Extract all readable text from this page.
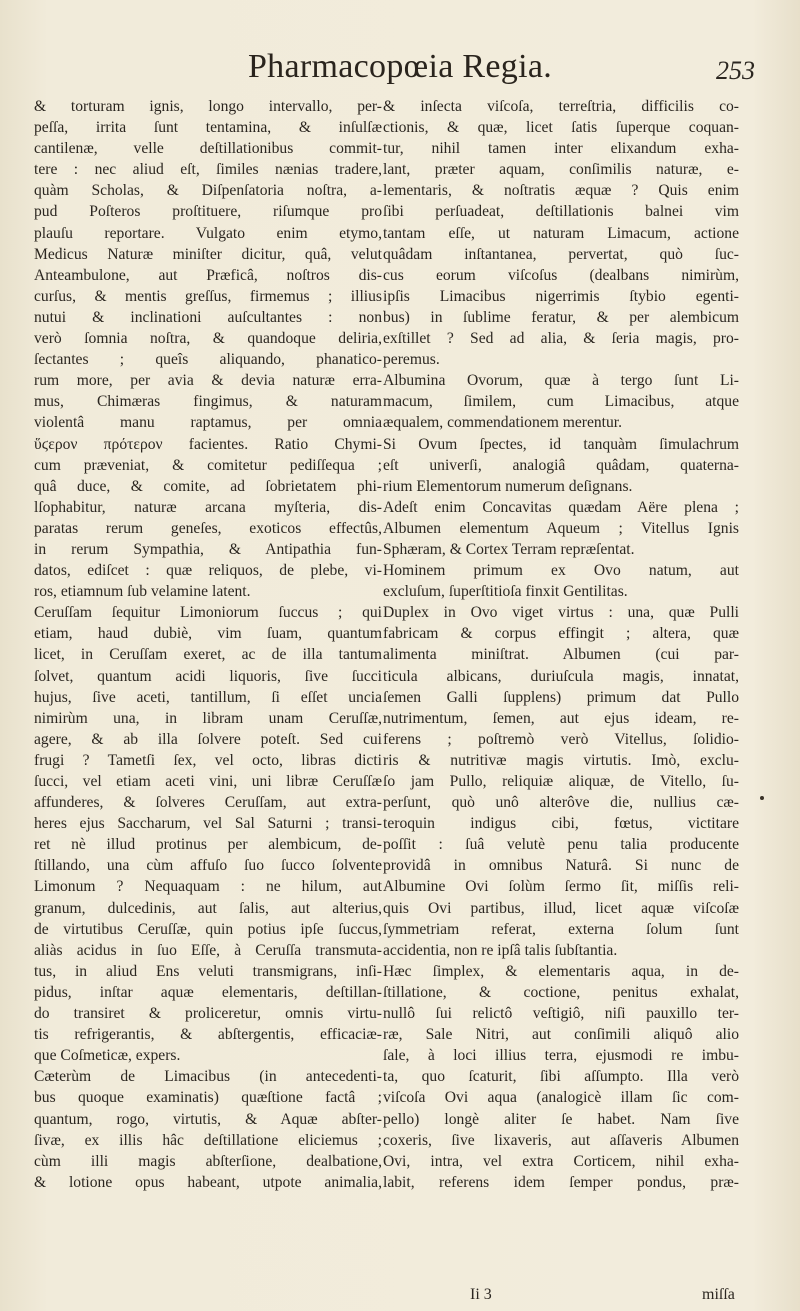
Pharmacopœia Regia.	253
& torturam ignis, longo intervallo, per-
peſſa, irrita ſunt tentamina, & inſulſæ
cantilenæ, velle deſtillationibus commit-
tere : nec aliud eſt, ſimiles nænias tradere,
quàm Scholas, & Diſpenſatoria noſtra, a-
pud Poſteros proſtituere, riſumque pro
plauſu reportare. Vulgato enim etymo,
Medicus Naturæ miniſter dicitur, quâ, velut
Anteambulone, aut Præficâ, noſtros dis-
curſus, & mentis greſſus, firmemus ; illius
nutui & inclinationi auſcultantes : non
verò ſomnia noſtra, & quandoque deliria,
ſectantes ; queîs aliquando, phanatico-
rum more, per avia & devia naturæ erra-
mus, Chimæras fingimus, & naturam
violentâ manu raptamus, per omnia
ὕϛερον πρότερον facientes. Ratio Chymi-
cum præveniat, & comitetur pediſſequa ;
quâ duce, & comite, ad ſobrietatem phi-
lſophabitur, naturæ arcana myſteria, dis-
paratas rerum geneſes, exoticos effectûs,
in rerum Sympathia, & Antipathia fun-
datos, ediſcet : quæ reliquos, de plebe, vi-
ros, etiamnum ſub velamine latent.
Ceruſſam ſequitur Limoniorum ſuccus ; qui
etiam, haud dubiè, vim ſuam, quantum
licet, in Ceruſſam exeret, ac de illa tantum
ſolvet, quantum acidi liquoris, ſive ſucci
hujus, ſive aceti, tantillum, ſi eſſet uncia
nimirùm una, in libram unam Ceruſſæ,
agere, & ab illa ſolvere poteſt. Sed cui
frugi ? Tametſi ſex, vel octo, libras dicti
ſucci, vel etiam aceti vini, uni libræ Ceruſſæ
affunderes, & ſolveres Ceruſſam, aut extra-
heres ejus Saccharum, vel Sal Saturni ; transi-
ret nè illud protinus per alembicum, de-
ſtillando, una cùm affuſo ſuo ſucco ſolvente
Limonum ? Nequaquam : ne hilum, aut
granum, dulcedinis, aut ſalis, aut alterius,
de virtutibus Ceruſſæ, quin potius ipſe ſuccus,
aliàs acidus in ſuo Eſſe, à Ceruſſa transmuta-
tus, in aliud Ens veluti transmigrans, inſi-
pidus, inſtar aquæ elementaris, deſtillan-
do transiret & proliceretur, omnis virtu-
tis refrigerantis, & abſtergentis, efficaciæ-
que Coſmeticæ, expers.
Cæterùm de Limacibus (in antecedenti-
bus quoque examinatis) quæſtione factâ ;
quantum, rogo, virtutis, & Aquæ abſter-
ſivæ, ex illis hâc deſtillatione eliciemus ;
cùm illi magis abſterſione, dealbatione,
& lotione opus habeant, utpote animalia,
& inſecta viſcoſa, terreſtria, difficilis co-
ctionis, & quæ, licet ſatis ſuperque coquan-
tur, nihil tamen inter elixandum exha-
lant, præter aquam, conſimilis naturæ, e-
lementaris, & noſtratis æquæ ? Quis enim
ſibi perſuadeat, deſtillationis balnei vim
tantam eſſe, ut naturam Limacum, actione
quâdam inſtantanea, pervertat, quò ſuc-
cus eorum viſcoſus (dealbans nimirùm,
ipſis Limacibus nigerrimis ſtybio egenti-
bus) in ſublime feratur, & per alembicum
exſtillet ? Sed ad alia, & ſeria magis, pro-
peremus.
Albumina Ovorum, quæ à tergo ſunt Li-
macum, ſimilem, cum Limacibus, atque
æqualem, commendationem merentur.
Si Ovum ſpectes, id tanquàm ſimulachrum
eſt univerſi, analogiâ quâdam, quaterna-
rium Elementorum numerum deſignans.
Adeſt enim Concavitas quædam Aëre plena ;
Albumen elementum Aqueum ; Vitellus Ignis
Sphæram, & Cortex Terram repræſentat.
Hominem primum ex Ovo natum, aut
excluſum, ſuperſtitioſa finxit Gentilitas.
Duplex in Ovo viget virtus : una, quæ Pulli
fabricam & corpus effingit ; altera, quæ
alimenta miniſtrat. Albumen (cui par-
ticula albicans, duriuſcula magis, innatat,
ſemen Galli ſupplens) primum dat Pullo
nutrimentum, ſemen, aut ejus ideam, re-
ferens ; poſtremò verò Vitellus, ſolidio-
ris & nutritivæ magis virtutis. Imò, exclu-
ſo jam Pullo, reliquiæ aliquæ, de Vitello, ſu-
perſunt, quò unô alterôve die, nullius cæ-
teroquin indigus cibi, fœtus, victitare
poſſit : ſuâ velutè penu talia producente
providâ in omnibus Naturâ. Si nunc de
Albumine Ovi ſolùm ſermo ſit, miſſis reli-
quis Ovi partibus, illud, licet aquæ viſcoſæ
ſymmetriam referat, externa ſolum ſunt
accidentia, non re ipſâ talis ſubſtantia.
Hæc ſimplex, & elementaris aqua, in de-
ſtillatione, & coctione, penitus exhalat,
nullô ſui relictô veſtigiô, niſi pauxillo ter-
ræ, Sale Nitri, aut conſimili aliquô alio
ſale, à loci illius terra, ejusmodi re imbu-
ta, quo ſcaturit, ſibi aſſumpto. Illa verò
viſcoſa Ovi aqua (analogicè illam ſic com-
pello) longè aliter ſe habet. Nam ſive
coxeris, ſive lixaveris, aut aſſaveris Albumen
Ovi, intra, vel extra Corticem, nihil exha-
labit, referens idem ſemper pondus, præ-
Ii 3	miſſa
